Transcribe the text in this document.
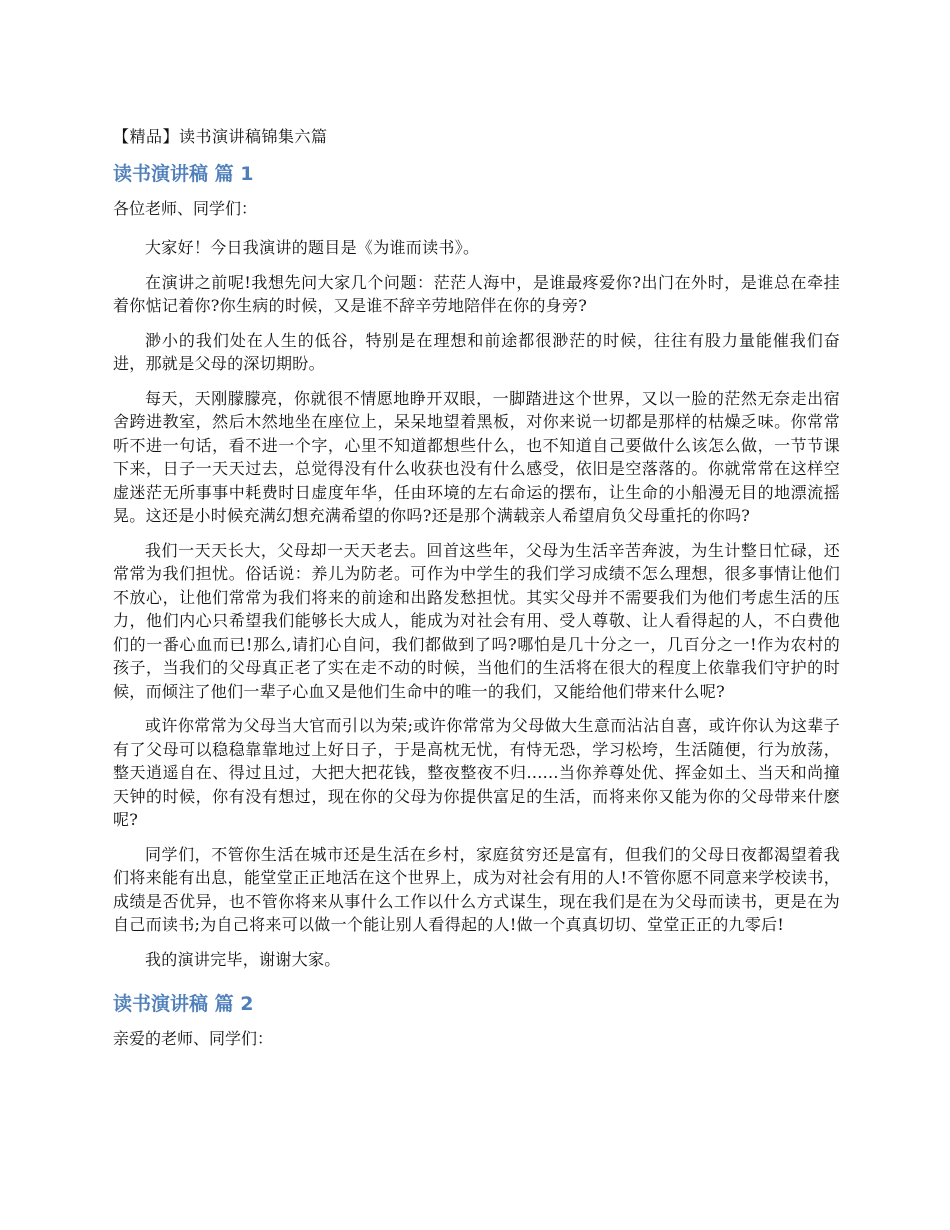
【精品】读书演讲稿锦集六篇
读书演讲稿 篇 1
各位老师、同学们：

大家好！今日我演讲的题目是《为谁而读书》。

在演讲之前呢!我想先问大家几个问题：茫茫人海中，是谁最疼爱你?出门在外时，是谁总在牵挂着你惦记着你?你生病的时候，又是谁不辞辛劳地陪伴在你的身旁?

渺小的我们处在人生的低谷，特别是在理想和前途都很渺茫的时候，往往有股力量能催我们奋进，那就是父母的深切期盼。

每天，天刚朦朦亮，你就很不情愿地睁开双眼，一脚踏进这个世界，又以一脸的茫然无奈走出宿舍跨进教室，然后木然地坐在座位上，呆呆地望着黑板，对你来说一切都是那样的枯燥乏味。你常常听不进一句话，看不进一个字，心里不知道都想些什么，也不知道自己要做什么该怎么做，一节节课下来，日子一天天过去，总觉得没有什么收获也没有什么感受，依旧是空落落的。你就常常在这样空虚迷茫无所事事中耗费时日虚度年华，任由环境的左右命运的摆布，让生命的小船漫无目的地漂流摇晃。这还是小时候充满幻想充满希望的你吗?还是那个满载亲人希望肩负父母重托的你吗?

我们一天天长大，父母却一天天老去。回首这些年，父母为生活辛苦奔波，为生计整日忙碌，还常常为我们担忧。俗话说：养儿为防老。可作为中学生的我们学习成绩不怎么理想，很多事情让他们不放心，让他们常常为我们将来的前途和出路发愁担忧。其实父母并不需要我们为他们考虑生活的压力，他们内心只希望我们能够长大成人，能成为对社会有用、受人尊敬、让人看得起的人，不白费他们的一番心血而已!那么,请扪心自问，我们都做到了吗?哪怕是几十分之一，几百分之一!作为农村的孩子，当我们的父母真正老了实在走不动的时候，当他们的生活将在很大的程度上依靠我们守护的时候，而倾注了他们一辈子心血又是他们生命中的唯一的我们，又能给他们带来什么呢?

或许你常常为父母当大官而引以为荣;或许你常常为父母做大生意而沾沾自喜，或许你认为这辈子有了父母可以稳稳靠靠地过上好日子，于是高枕无忧，有恃无恐，学习松垮，生活随便，行为放荡，整天逍遥自在、得过且过，大把大把花钱，整夜整夜不归......当你养尊处优、挥金如土、当天和尚撞天钟的时候，你有没有想过，现在你的父母为你提供富足的生活，而将来你又能为你的父母带来什麽呢?

同学们，不管你生活在城市还是生活在乡村，家庭贫穷还是富有，但我们的父母日夜都渴望着我们将来能有出息，能堂堂正正地活在这个世界上，成为对社会有用的人!不管你愿不同意来学校读书，成绩是否优异，也不管你将来从事什么工作以什么方式谋生，现在我们是在为父母而读书，更是在为自己而读书;为自己将来可以做一个能让别人看得起的人!做一个真真切切、堂堂正正的九零后!

我的演讲完毕，谢谢大家。

读书演讲稿 篇 2
亲爱的老师、同学们：
